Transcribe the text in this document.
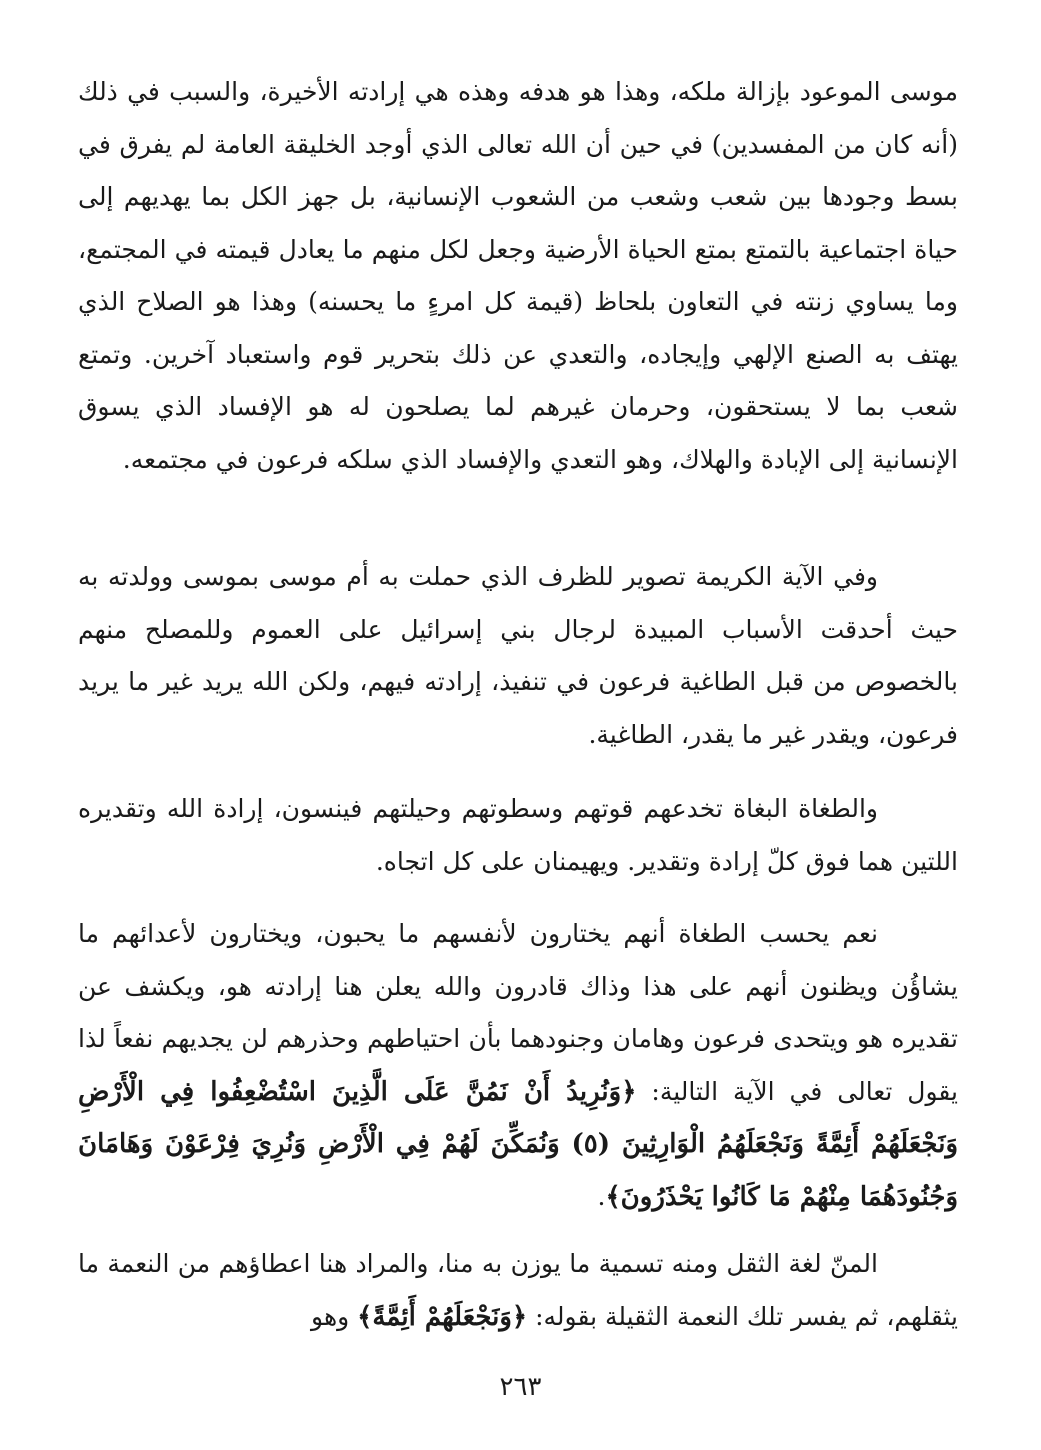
موسى الموعود بإزالة ملكه، وهذا هو هدفه وهذه هي إرادته الأخيرة، والسبب في ذلك (أنه كان من المفسدين) في حين أن الله تعالى الذي أوجد الخليقة العامة لم يفرق في بسط وجودها بين شعب وشعب من الشعوب الإنسانية، بل جهز الكل بما يهديهم إلى حياة اجتماعية بالتمتع بمتع الحياة الأرضية وجعل لكل منهم ما يعادل قيمته في المجتمع، وما يساوي زنته في التعاون بلحاظ (قيمة كل امرءٍ ما يحسنه) وهذا هو الصلاح الذي يهتف به الصنع الإلهي وإيجاده، والتعدي عن ذلك بتحرير قوم واستعباد آخرين. وتمتع شعب بما لا يستحقون، وحرمان غيرهم لما يصلحون له هو الإفساد الذي يسوق الإنسانية إلى الإبادة والهلاك، وهو التعدي والإفساد الذي سلكه فرعون في مجتمعه.

وفي الآية الكريمة تصوير للظرف الذي حملت به أم موسى بموسى وولدته به حيث أحدقت الأسباب المبيدة لرجال بني إسرائيل على العموم وللمصلح منهم بالخصوص من قبل الطاغية فرعون في تنفيذ، إرادته فيهم، ولكن الله يريد غير ما يريد فرعون، ويقدر غير ما يقدر، الطاغية.

والطغاة البغاة تخدعهم قوتهم وسطوتهم وحيلتهم فينسون، إرادة الله وتقديره اللتين هما فوق كلّ إرادة وتقدير. ويهيمنان على كل اتجاه.

نعم يحسب الطغاة أنهم يختارون لأنفسهم ما يحبون، ويختارون لأعدائهم ما يشاؤُن ويظنون أنهم على هذا وذاك قادرون والله يعلن هنا إرادته هو، ويكشف عن تقديره هو ويتحدى فرعون وهامان وجنودهما بأن احتياطهم وحذرهم لن يجديهم نفعاً لذا يقول تعالى في الآية التالية: ﴿وَنُرِيدُ أَنْ نَمُنَّ عَلَى الَّذِينَ اسْتُضْعِفُوا فِي الْأَرْضِ وَنَجْعَلَهُمْ أَئِمَّةً وَنَجْعَلَهُمُ الْوَارِثِينَ (٥) وَنُمَكِّنَ لَهُمْ فِي الْأَرْضِ وَنُرِيَ فِرْعَوْنَ وَهَامَانَ وَجُنُودَهُمَا مِنْهُمْ مَا كَانُوا يَحْذَرُونَ﴾.

المنّ لغة الثقل ومنه تسمية ما يوزن به منا، والمراد هنا اعطاؤهم من النعمة ما يثقلهم، ثم يفسر تلك النعمة الثقيلة بقوله: ﴿وَنَجْعَلَهُمْ أَئِمَّةً﴾ وهو

٢٦٣
